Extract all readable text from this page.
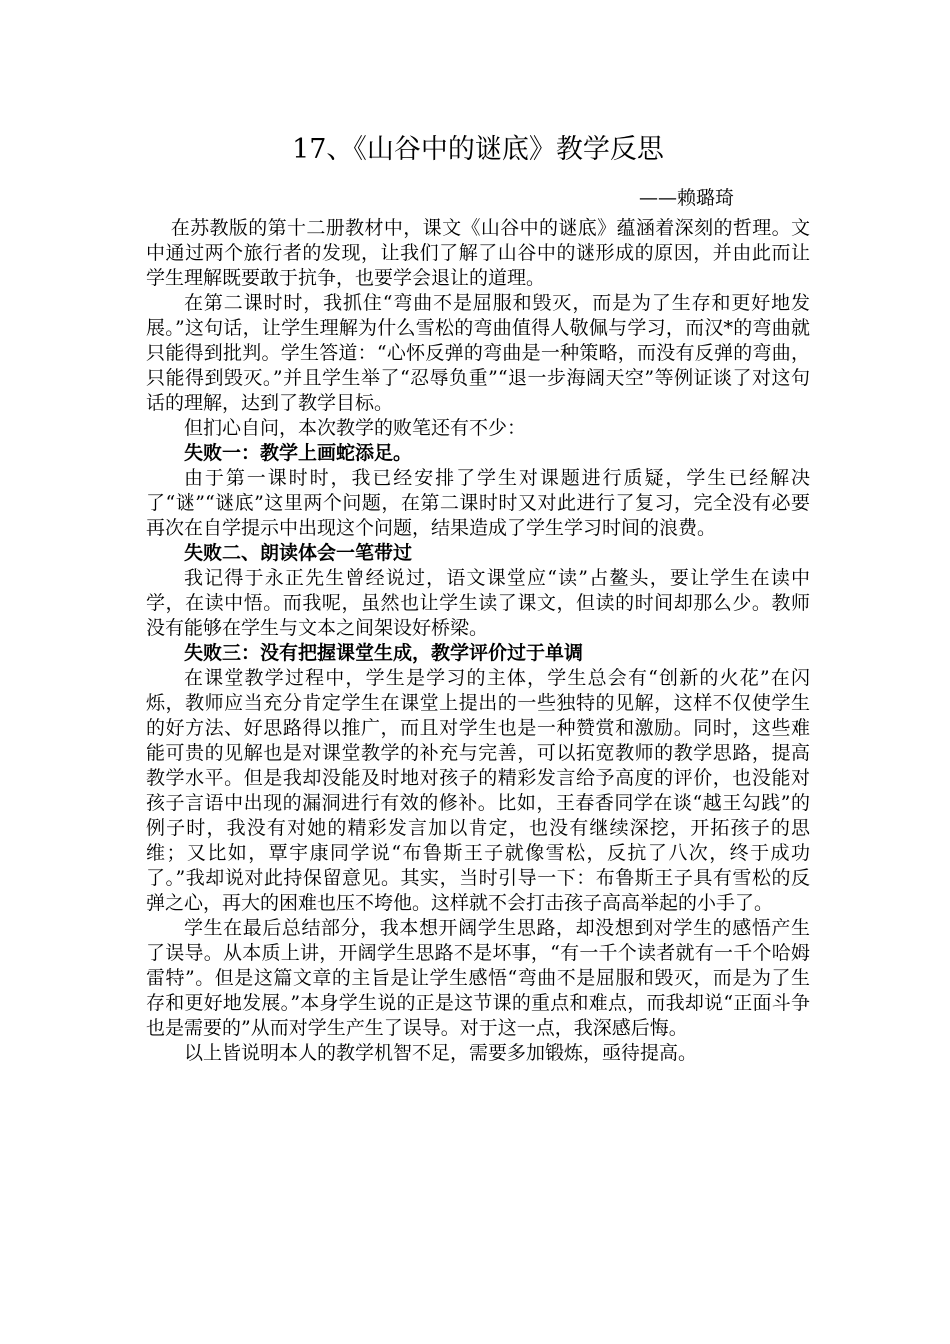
17、《山谷中的谜底》教学反思
——赖璐琦

在苏教版的第十二册教材中，课文《山谷中的谜底》蕴涵着深刻的哲理。文中通过两个旅行者的发现，让我们了解了山谷中的谜形成的原因，并由此而让学生理解既要敢于抗争，也要学会退让的道理。

在第二课时时，我抓住“弯曲不是屈服和毁灭，而是为了生存和更好地发展。”这句话，让学生理解为什么雪松的弯曲值得人敬佩与学习，而汉*的弯曲就只能得到批判。学生答道：“心怀反弹的弯曲是一种策略，而没有反弹的弯曲，只能得到毁灭。”并且学生举了“忍辱负重”“退一步海阔天空”等例证谈了对这句话的理解，达到了教学目标。

但扪心自问，本次教学的败笔还有不少：

失败一：教学上画蛇添足。

由于第一课时时，我已经安排了学生对课题进行质疑，学生已经解决了“谜”“谜底”这里两个问题，在第二课时时又对此进行了复习，完全没有必要再次在自学提示中出现这个问题，结果造成了学生学习时间的浪费。

失败二、朗读体会一笔带过

我记得于永正先生曾经说过，语文课堂应“读”占鳌头，要让学生在读中学，在读中悟。而我呢，虽然也让学生读了课文，但读的时间却那么少。教师没有能够在学生与文本之间架设好桥梁。

失败三：没有把握课堂生成，教学评价过于单调

在课堂教学过程中，学生是学习的主体，学生总会有“创新的火花”在闪烁，教师应当充分肯定学生在课堂上提出的一些独特的见解，这样不仅使学生的好方法、好思路得以推广，而且对学生也是一种赞赏和激励。同时，这些难能可贵的见解也是对课堂教学的补充与完善，可以拓宽教师的教学思路，提高教学水平。但是我却没能及时地对孩子的精彩发言给予高度的评价，也没能对孩子言语中出现的漏洞进行有效的修补。比如，王春香同学在谈“越王勾践”的例子时，我没有对她的精彩发言加以肯定，也没有继续深挖，开拓孩子的思维；又比如，覃宇康同学说“布鲁斯王子就像雪松，反抗了八次，终于成功了。”我却说对此持保留意见。其实，当时引导一下：布鲁斯王子具有雪松的反弹之心，再大的困难也压不垮他。这样就不会打击孩子高高举起的小手了。

学生在最后总结部分，我本想开阔学生思路，却没想到对学生的感悟产生了误导。从本质上讲，开阔学生思路不是坏事，“有一千个读者就有一千个哈姆雷特”。但是这篇文章的主旨是让学生感悟“弯曲不是屈服和毁灭，而是为了生存和更好地发展。”本身学生说的正是这节课的重点和难点，而我却说“正面斗争也是需要的”从而对学生产生了误导。对于这一点，我深感后悔。

以上皆说明本人的教学机智不足，需要多加锻炼，亟待提高。
